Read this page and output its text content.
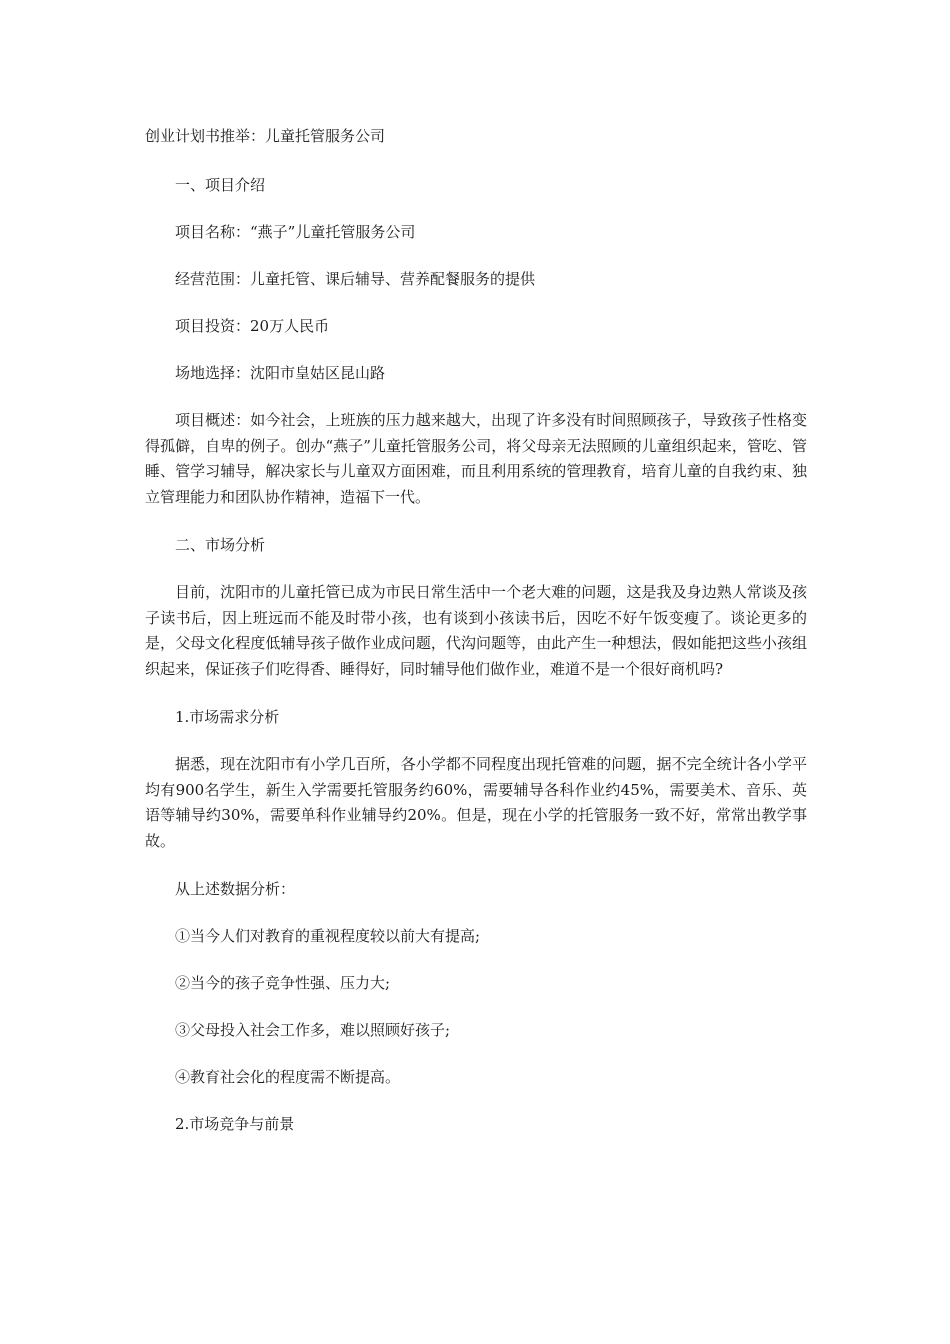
创业计划书推举：儿童托管服务公司

一、项目介绍

项目名称：“燕子”儿童托管服务公司

经营范围：儿童托管、课后辅导、营养配餐服务的提供

项目投资：20万人民币

场地选择：沈阳市皇姑区昆山路

项目概述：如今社会，上班族的压力越来越大，出现了许多没有时间照顾孩子，导致孩子性格变得孤僻，自卑的例子。创办“燕子”儿童托管服务公司，将父母亲无法照顾的儿童组织起来，管吃、管睡、管学习辅导，解决家长与儿童双方面困难，而且利用系统的管理教育，培育儿童的自我约束、独立管理能力和团队协作精神，造福下一代。

二、市场分析

目前，沈阳市的儿童托管已成为市民日常生活中一个老大难的问题，这是我及身边熟人常谈及孩子读书后，因上班远而不能及时带小孩，也有谈到小孩读书后，因吃不好午饭变瘦了。谈论更多的是，父母文化程度低辅导孩子做作业成问题，代沟问题等，由此产生一种想法，假如能把这些小孩组织起来，保证孩子们吃得香、睡得好，同时辅导他们做作业，难道不是一个很好商机吗?

1.市场需求分析

据悉，现在沈阳市有小学几百所，各小学都不同程度出现托管难的问题，据不完全统计各小学平均有900名学生，新生入学需要托管服务约60%，需要辅导各科作业约45%，需要美术、音乐、英语等辅导约30%，需要单科作业辅导约20%。但是，现在小学的托管服务一致不好，常常出教学事故。

从上述数据分析：

①当今人们对教育的重视程度较以前大有提高;

②当今的孩子竞争性强、压力大;

③父母投入社会工作多，难以照顾好孩子;

④教育社会化的程度需不断提高。

2.市场竞争与前景
